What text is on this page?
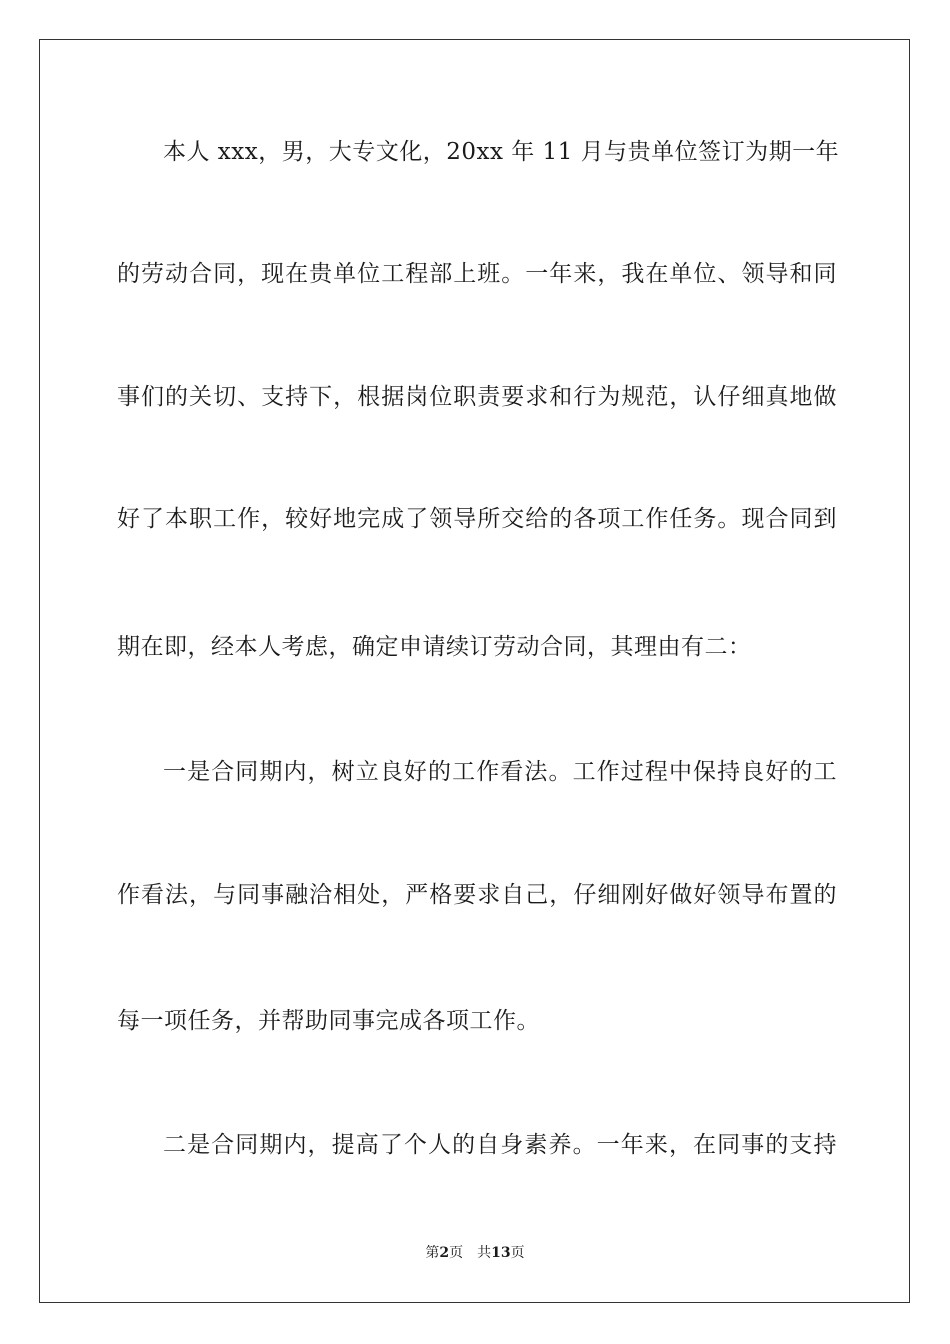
本人 xxx，男，大专文化，20xx 年 11 月与贵单位签订为期一年
的劳动合同，现在贵单位工程部上班。一年来，我在单位、领导和同
事们的关切、支持下，根据岗位职责要求和行为规范，认仔细真地做
好了本职工作，较好地完成了领导所交给的各项工作任务。现合同到
期在即，经本人考虑，确定申请续订劳动合同，其理由有二：
一是合同期内，树立良好的工作看法。工作过程中保持良好的工
作看法，与同事融洽相处，严格要求自己，仔细刚好做好领导布置的
每一项任务，并帮助同事完成各项工作。
二是合同期内，提高了个人的自身素养。一年来，在同事的支持
第2页 共13页
